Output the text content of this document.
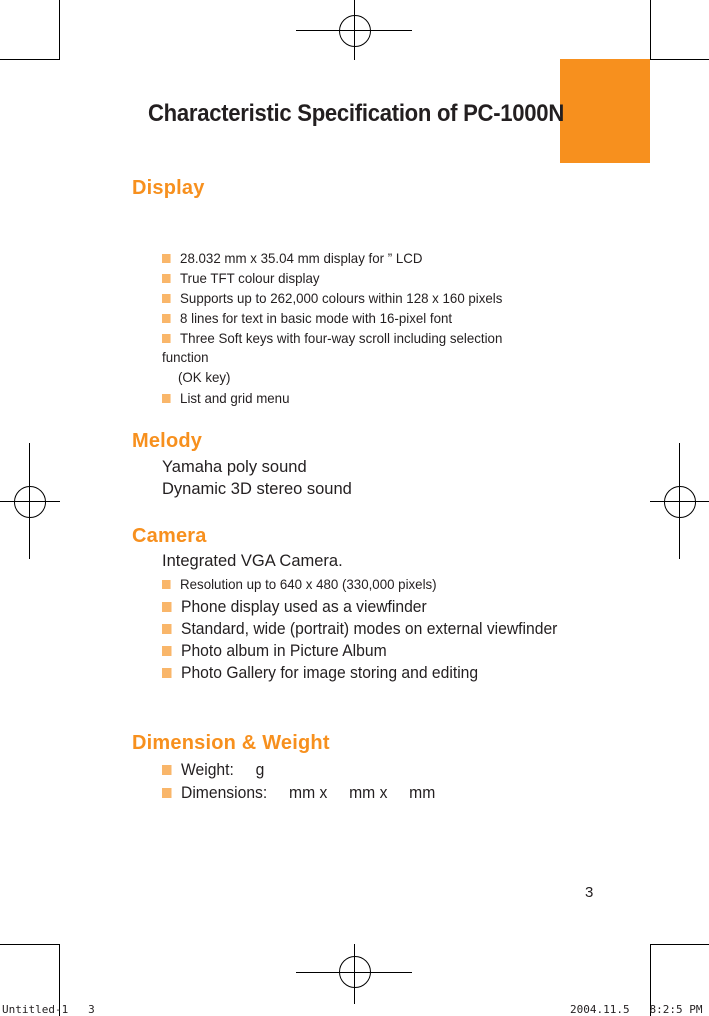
Characteristic Specification of PC-1000N
Display
28.032 mm x 35.04 mm display for ” LCD
True TFT colour display
Supports up to 262,000 colours within 128 x 160 pixels
8 lines for text in basic mode with 16-pixel font
Three Soft keys with four-way scroll including selection
function
(OK key)
List and grid menu
Melody
Yamaha poly sound
Dynamic 3D stereo sound
Camera
Integrated VGA Camera.
Resolution up to 640 x 480 (330,000 pixels)
Phone display used as a viewfinder
Standard, wide (portrait) modes on external viewfinder
Photo album in Picture Album
Photo Gallery for image storing and editing
Dimension & Weight
Weight:     g
Dimensions:     mm x     mm x     mm
3
Untitled-1   3	2004.11.5   8:2:5 PM
